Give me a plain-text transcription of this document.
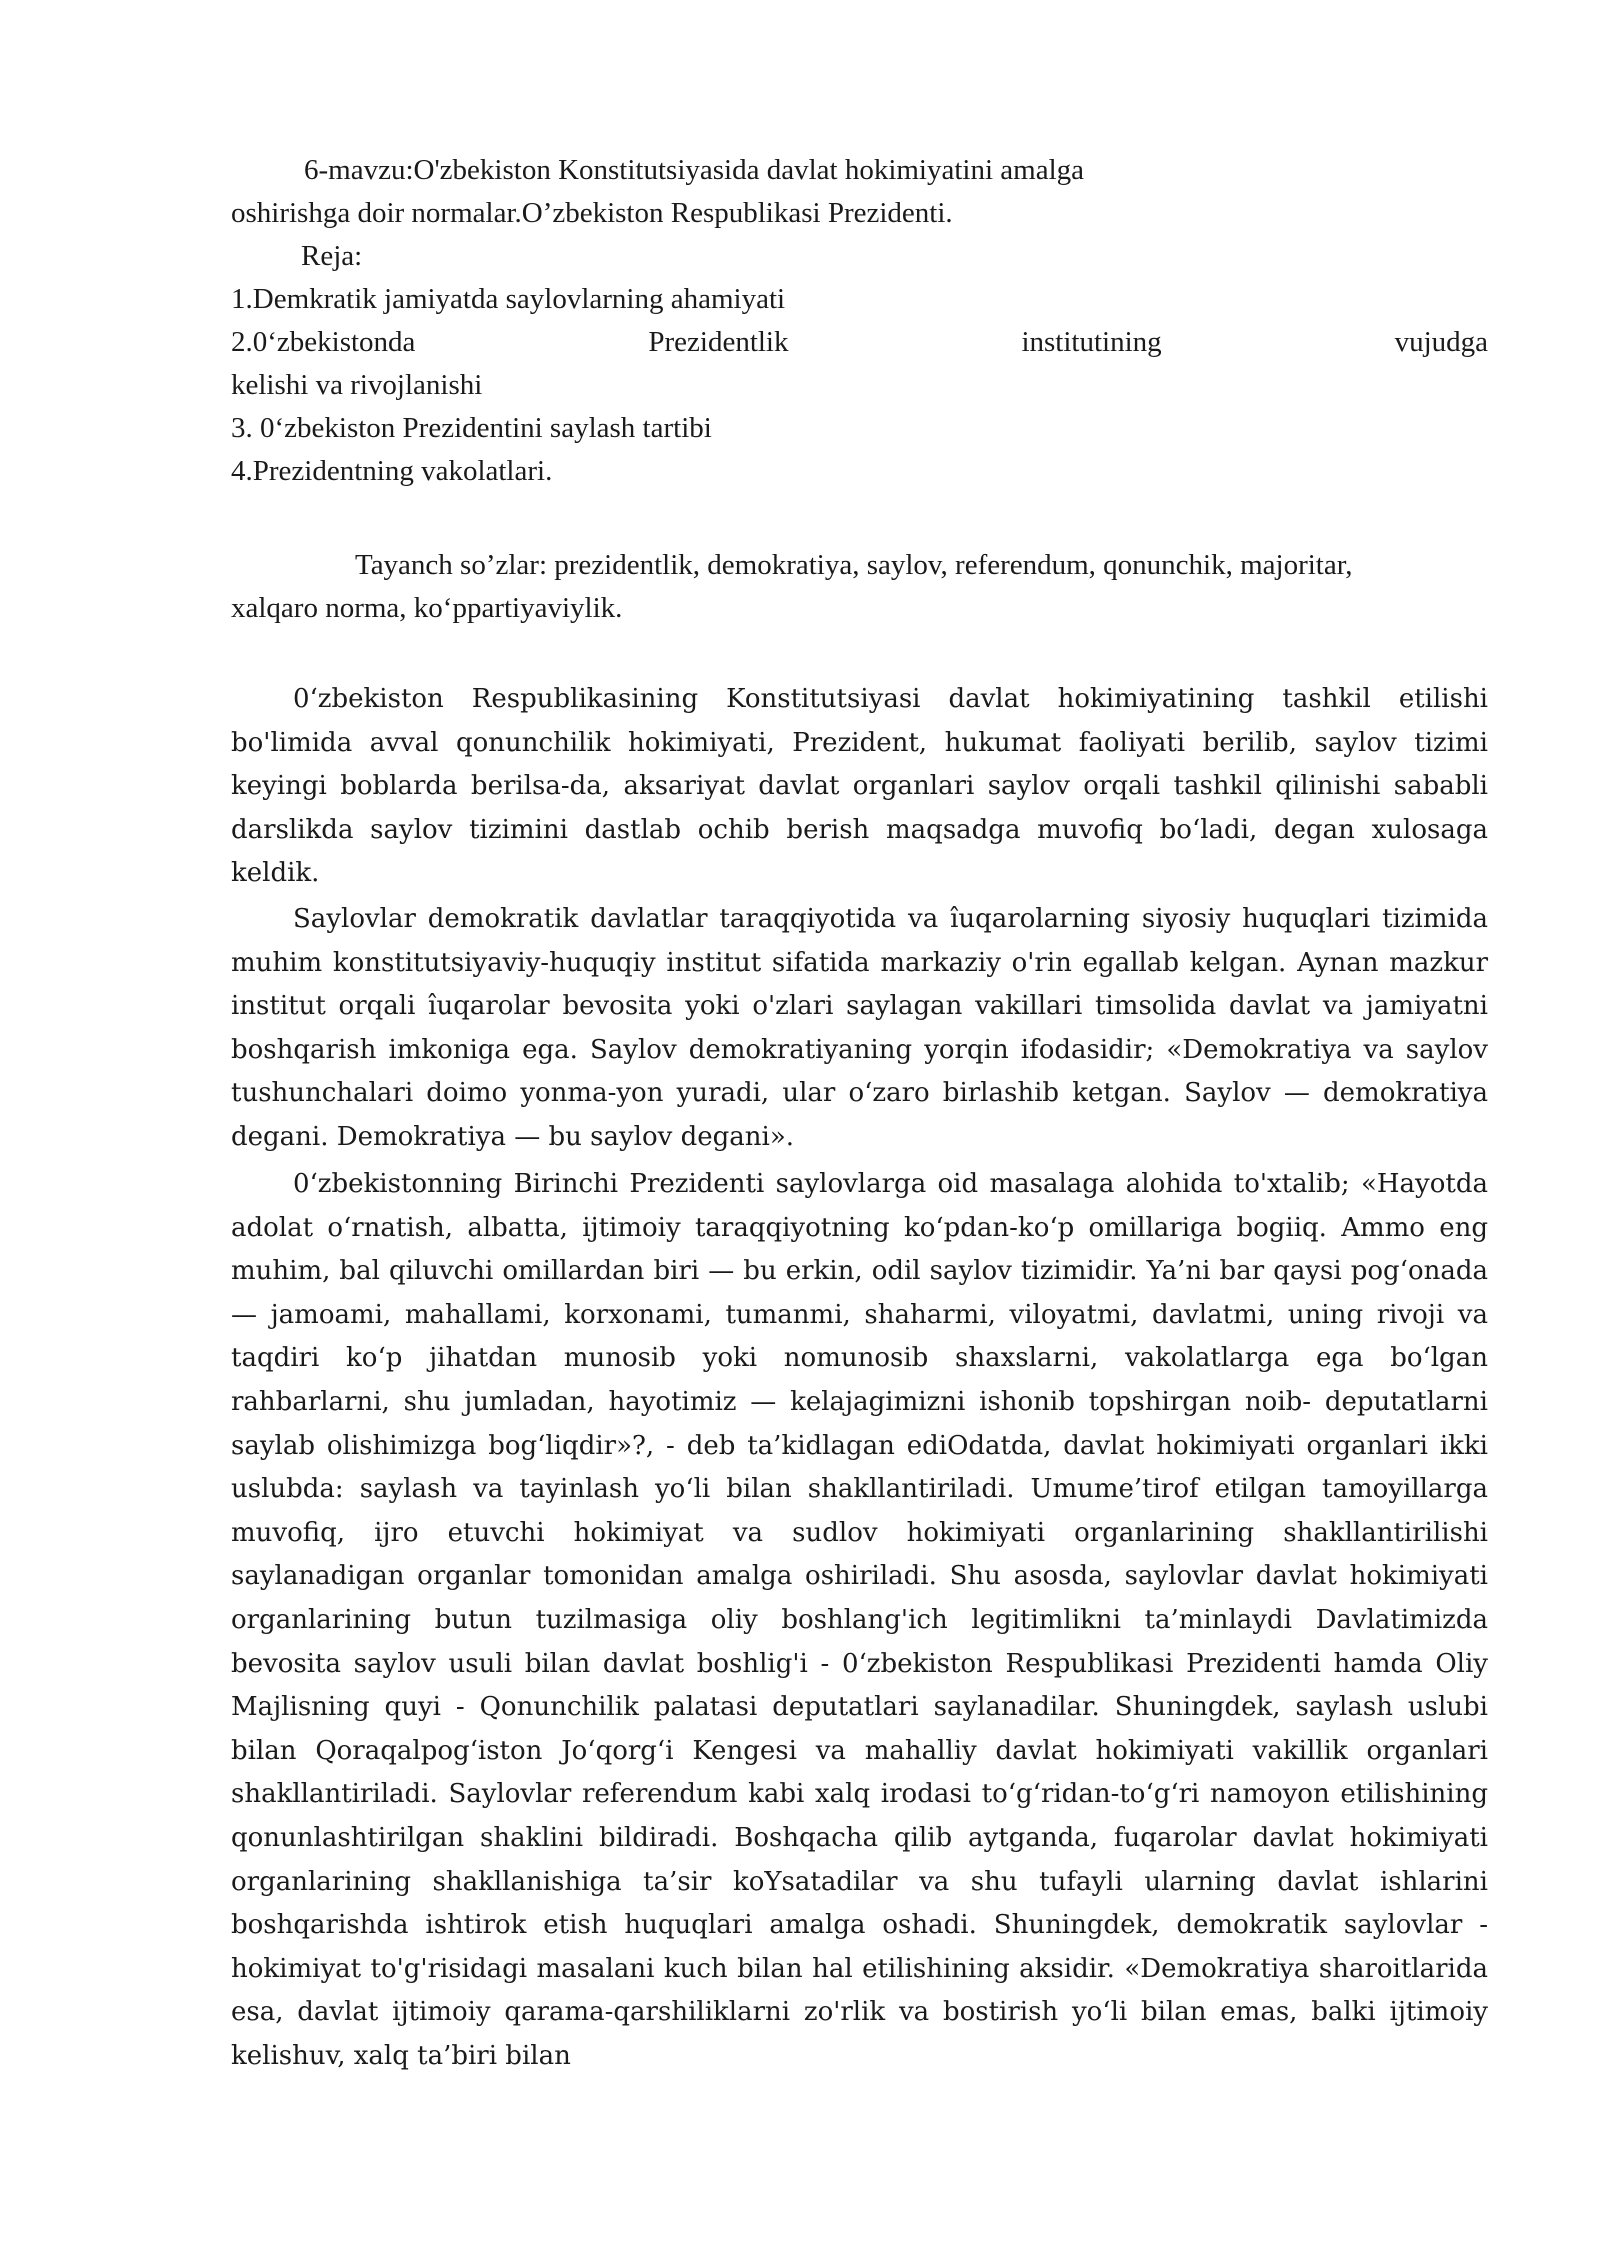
6-mavzu:O'zbekiston Konstitutsiyasida davlat hokimiyatini amalga

oshirishga doir normalar.O’zbekiston Respublikasi Prezidenti.

Reja:

1.Demkratik jamiyatda saylovlarning ahamiyati

2.0‘zbekistonda	Prezidentlik	institutining	vujudga

kelishi va rivojlanishi

3. 0‘zbekiston Prezidentini saylash tartibi

4.Prezidentning vakolatlari.

Tayanch so’zlar: prezidentlik, demokratiya, saylov, referendum, qonunchik, majoritar,

xalqaro norma, ko‘ppartiyaviylik.

0‘zbekiston Respublikasining Konstitutsiyasi davlat hokimiyatining tashkil etilishi bo'limida avval qonunchilik hokimiyati, Prezident, hukumat faoliyati berilib, saylov tizimi keyingi boblarda berilsa-da, aksariyat davlat organlari saylov orqali tashkil qilinishi sababli darslikda saylov tizimini dastlab ochib berish maqsadga muvofiq bo‘ladi, degan xulosaga keldik.

Saylovlar demokratik davlatlar taraqqiyotida va îuqarolarning siyosiy huquqlari tizimida muhim konstitutsiyaviy-huquqiy institut sifatida markaziy o'rin egallab kelgan. Aynan mazkur institut orqali îuqarolar bevosita yoki o'zlari saylagan vakillari timsolida davlat va jamiyatni boshqarish imkoniga ega. Saylov demokratiyaning yorqin ifodasidir; «Demokratiya va saylov tushunchalari doimo yonma-yon yuradi, ular o‘zaro birlashib ketgan. Saylov — demokratiya degani. Demokratiya — bu saylov degani».

0‘zbekistonning Birinchi Prezidenti saylovlarga oid masalaga alohida to'xtalib; «Hayotda adolat o‘rnatish, albatta, ijtimoiy taraqqiyotning ko‘pdan-ko‘p omillariga bogiiq. Ammo eng muhim, bal qiluvchi omillardan biri — bu erkin, odil saylov tizimidir. Ya’ni bar qaysi pog‘onada — jamoami, mahallami, korxonami, tumanmi, shaharmi, viloyatmi, davlatmi, uning rivoji va taqdiri ko‘p jihatdan munosib yoki nomunosib shaxslarni, vakolatlarga ega bo‘lgan rahbarlarni, shu jumladan, hayotimiz — kelajagimizni ishonib topshirgan noib- deputatlarni saylab olishimizga bog‘liqdir»?, - deb ta’kidlagan ediOdatda, davlat hokimiyati organlari ikki uslubda: saylash va tayinlash yo‘li bilan shakllantiriladi. Umume’tirof etilgan tamoyillarga muvofiq, ijro etuvchi hokimiyat va sudlov hokimiyati organlarining shakllantirilishi saylanadigan organlar tomonidan amalga oshiriladi. Shu asosda, saylovlar davlat hokimiyati organlarining butun tuzilmasiga oliy boshlang'ich legitimlikni ta’minlaydi Davlatimizda bevosita saylov usuli bilan davlat boshlig'i - 0‘zbekiston Respublikasi Prezidenti hamda Oliy Majlisning quyi - Qonunchilik palatasi deputatlari saylanadilar. Shuningdek, saylash uslubi bilan Qoraqalpog‘iston Jo‘qorg‘i Kengesi va mahalliy davlat hokimiyati vakillik organlari shakllantiriladi. Saylovlar referendum kabi xalq irodasi to‘g‘ridan-to‘g‘ri namoyon etilishining qonunlashtirilgan shaklini bildiradi. Boshqacha qilib aytganda, fuqarolar davlat hokimiyati organlarining shakllanishiga ta’sir koYsatadilar va shu tufayli ularning davlat ishlarini boshqarishda ishtirok etish huquqlari amalga oshadi. Shuningdek, demokratik saylovlar - hokimiyat to'g'risidagi masalani kuch bilan hal etilishining aksidir. «Demokratiya sharoitlarida esa, davlat ijtimoiy qarama-qarshiliklarni zo'rlik va bostirish yo‘li bilan emas, balki ijtimoiy kelishuv, xalq ta’biri bilan
